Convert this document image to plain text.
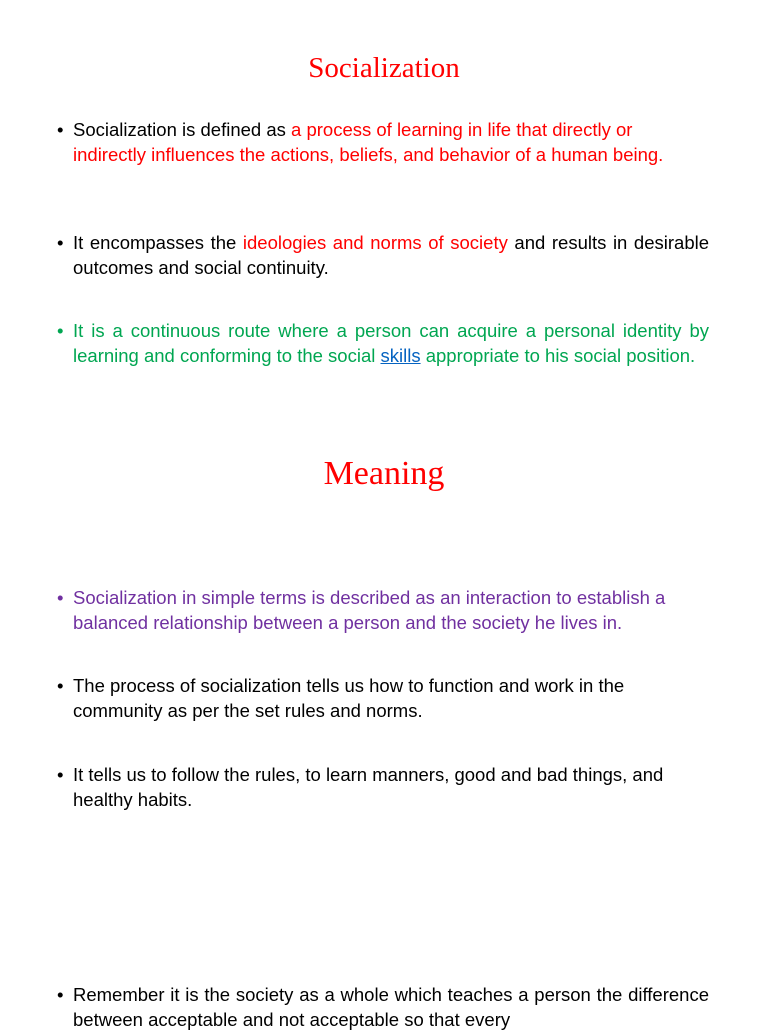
Socialization

• Socialization is defined as a process of learning in life that directly or indirectly influences the actions, beliefs, and behavior of a human being.

• It encompasses the ideologies and norms of society and results in desirable outcomes and social continuity.

• It is a continuous route where a person can acquire a personal identity by learning and conforming to the social skills appropriate to his social position.

Meaning

• Socialization in simple terms is described as an interaction to establish a balanced relationship between a person and the society he lives in.

• The process of socialization tells us how to function and work in the community as per the set rules and norms.

• It tells us to follow the rules, to learn manners, good and bad things, and healthy habits.

• Remember it is the society as a whole which teaches a person the difference between acceptable and not acceptable so that every
